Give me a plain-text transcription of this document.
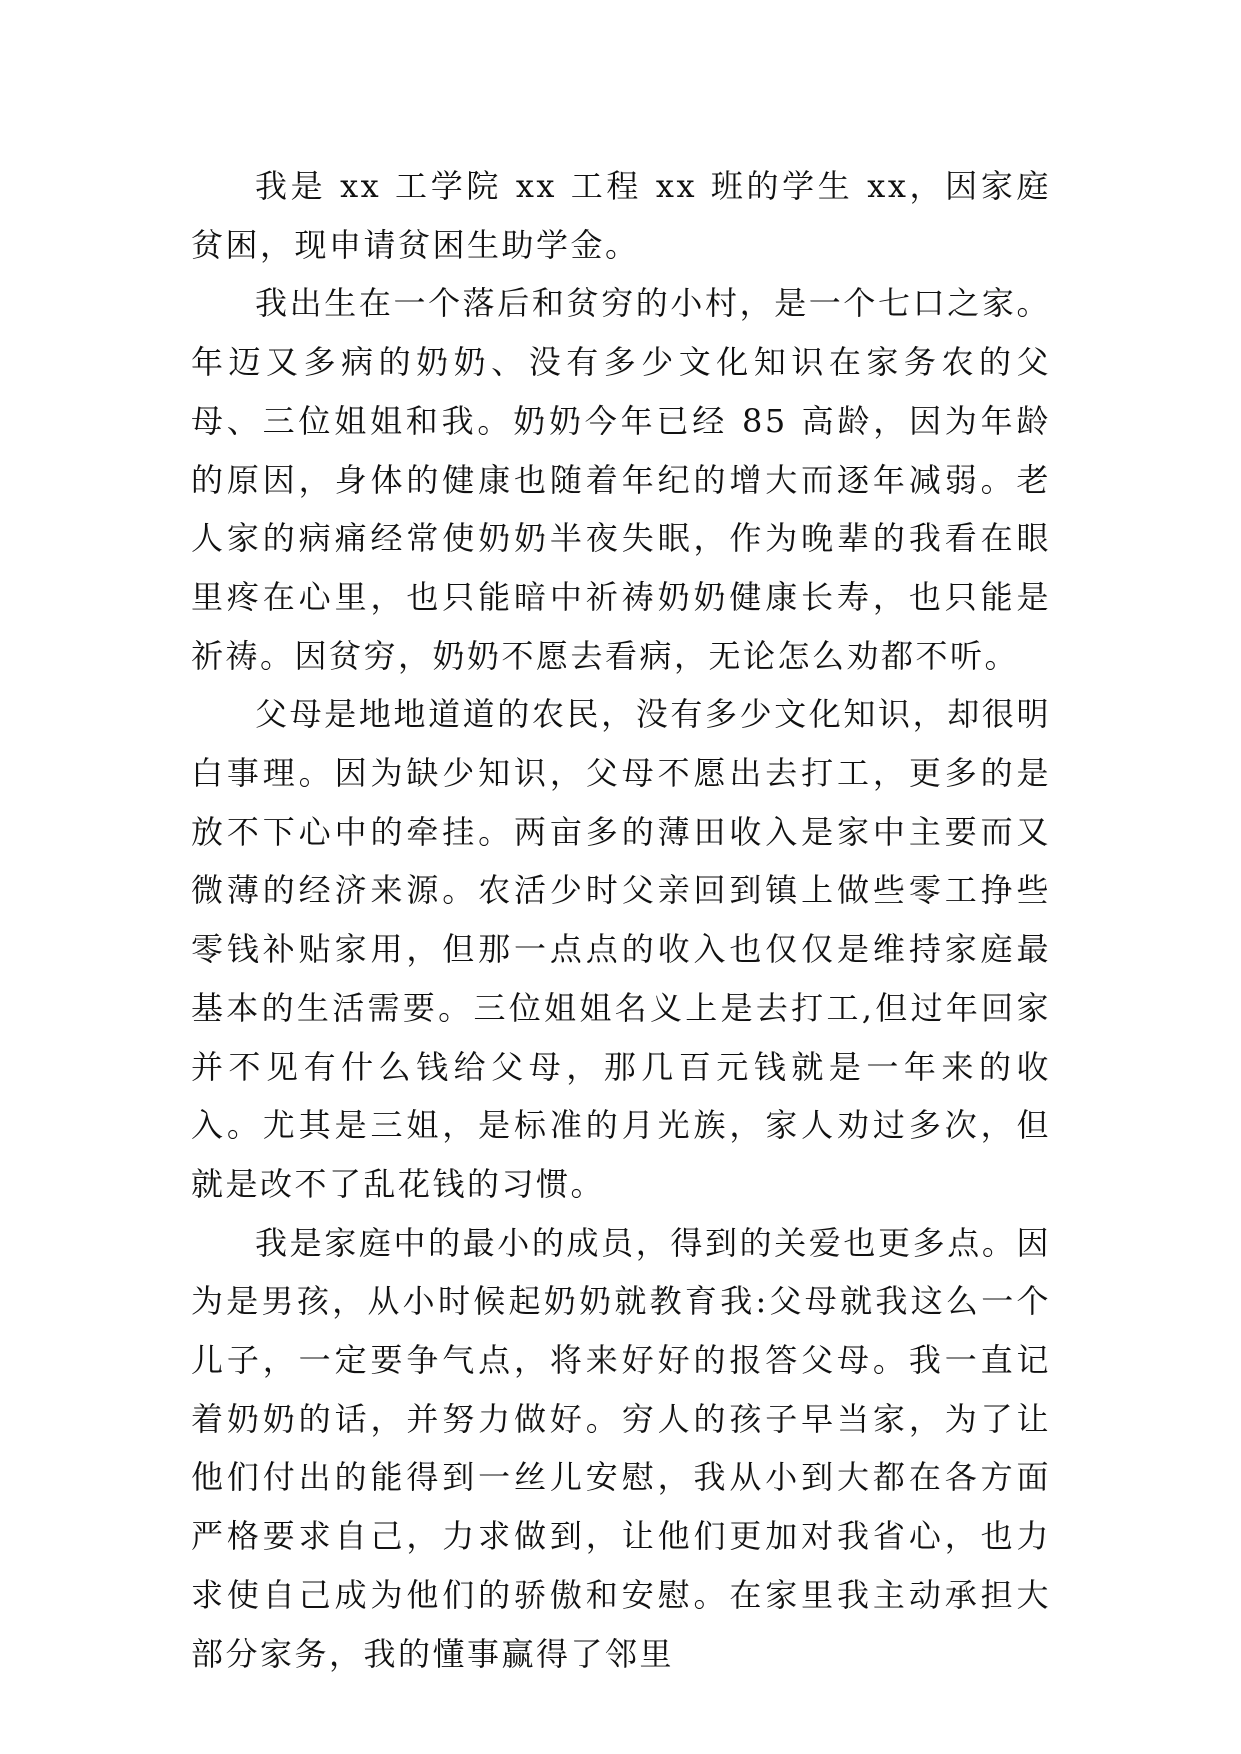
我是 xx 工学院 xx 工程 xx 班的学生 xx，因家庭贫困，现申请贫困生助学金。

我出生在一个落后和贫穷的小村，是一个七口之家。年迈又多病的奶奶、没有多少文化知识在家务农的父母、三位姐姐和我。奶奶今年已经 85 高龄，因为年龄的原因，身体的健康也随着年纪的增大而逐年减弱。老人家的病痛经常使奶奶半夜失眠，作为晚辈的我看在眼里疼在心里，也只能暗中祈祷奶奶健康长寿，也只能是祈祷。因贫穷，奶奶不愿去看病，无论怎么劝都不听。

父母是地地道道的农民，没有多少文化知识，却很明白事理。因为缺少知识，父母不愿出去打工，更多的是放不下心中的牵挂。两亩多的薄田收入是家中主要而又微薄的经济来源。农活少时父亲回到镇上做些零工挣些零钱补贴家用，但那一点点的收入也仅仅是维持家庭最基本的生活需要。三位姐姐名义上是去打工,但过年回家并不见有什么钱给父母，那几百元钱就是一年来的收入。尤其是三姐，是标准的月光族，家人劝过多次，但就是改不了乱花钱的习惯。

我是家庭中的最小的成员，得到的关爱也更多点。因为是男孩，从小时候起奶奶就教育我:父母就我这么一个儿子，一定要争气点，将来好好的报答父母。我一直记着奶奶的话，并努力做好。穷人的孩子早当家，为了让他们付出的能得到一丝儿安慰，我从小到大都在各方面严格要求自己，力求做到，让他们更加对我省心，也力求使自己成为他们的骄傲和安慰。在家里我主动承担大部分家务，我的懂事赢得了邻里
